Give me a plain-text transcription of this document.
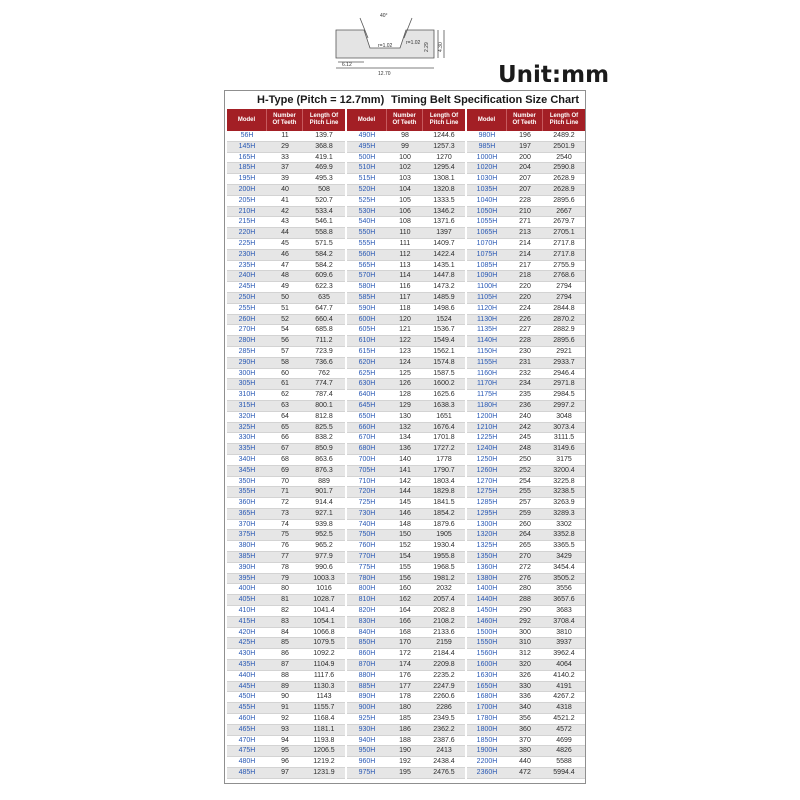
40°
r=1.02	r=1.02 2.29 4.30
6.12
12.70	Unit:mm
H-Type (Pitch = 12.7mm) Timing Belt Specification Size Chart
Model
Number
Of Teeth
Length Of
Pitch Line
56H	11	139.7
145H	29	368.8
165H	33	419.1
185H	37	469.9
195H	39	495.3
200H	40	508
205H	41	520.7
210H	42	533.4
215H	43	546.1
220H	44	558.8
225H	45	571.5
230H	46	584.2
235H	47	584.2
240H	48	609.6
245H	49	622.3
250H	50	635
255H	51	647.7
260H	52	660.4
270H	54	685.8
280H	56	711.2
285H	57	723.9
290H	58	736.6
300H	60	762
305H	61	774.7
310H	62	787.4
315H	63	800.1
320H	64	812.8
325H	65	825.5
330H	66	838.2
335H	67	850.9
340H	68	863.6
345H	69	876.3
350H	70	889
355H	71	901.7
360H	72	914.4
365H	73	927.1
370H	74	939.8
375H	75	952.5
380H	76	965.2
385H	77	977.9
390H	78	990.6
395H	79	1003.3
400H	80	1016
405H	81	1028.7
410H	82	1041.4
415H	83	1054.1
420H	84	1066.8
425H	85	1079.5
430H	86	1092.2
435H	87	1104.9
440H	88	1117.6
445H	89	1130.3
450H	90	1143
455H	91	1155.7
460H	92	1168.4
465H	93	1181.1
470H	94	1193.8
475H	95	1206.5
480H	96	1219.2
485H	97	1231.9
Model
Number
Of Teeth
Length Of
Pitch Line
490H	98	1244.6
495H	99	1257.3
500H	100	1270
510H	102	1295.4
515H	103	1308.1
520H	104	1320.8
525H	105	1333.5
530H	106	1346.2
540H	108	1371.6
550H	110	1397
555H	111	1409.7
560H	112	1422.4
565H	113	1435.1
570H	114	1447.8
580H	116	1473.2
585H	117	1485.9
590H	118	1498.6
600H	120	1524
605H	121	1536.7
610H	122	1549.4
615H	123	1562.1
620H	124	1574.8
625H	125	1587.5
630H	126	1600.2
640H	128	1625.6
645H	129	1638.3
650H	130	1651
660H	132	1676.4
670H	134	1701.8
680H	136	1727.2
700H	140	1778
705H	141	1790.7
710H	142	1803.4
720H	144	1829.8
725H	145	1841.5
730H	146	1854.2
740H	148	1879.6
750H	150	1905
760H	152	1930.4
770H	154	1955.8
775H	155	1968.5
780H	156	1981.2
800H	160	2032
810H	162	2057.4
820H	164	2082.8
830H	166	2108.2
840H	168	2133.6
850H	170	2159
860H	172	2184.4
870H	174	2209.8
880H	176	2235.2
885H	177	2247.9
890H	178	2260.6
900H	180	2286
925H	185	2349.5
930H	186	2362.2
940H	188	2387.6
950H	190	2413
960H	192	2438.4
975H	195	2476.5
Model
Number
Of Teeth
Length Of
Pitch Line
980H	196	2489.2
985H	197	2501.9
1000H	200	2540
1020H	204	2590.8
1030H	207	2628.9
1035H	207	2628.9
1040H	228	2895.6
1050H	210	2667
1055H	271	2679.7
1065H	213	2705.1
1070H	214	2717.8
1075H	214	2717.8
1085H	217	2755.9
1090H	218	2768.6
1100H	220	2794
1105H	220	2794
1120H	224	2844.8
1130H	226	2870.2
1135H	227	2882.9
1140H	228	2895.6
1150H	230	2921
1155H	231	2933.7
1160H	232	2946.4
1170H	234	2971.8
1175H	235	2984.5
1180H	236	2997.2
1200H	240	3048
1210H	242	3073.4
1225H	245	3111.5
1240H	248	3149.6
1250H	250	3175
1260H	252	3200.4
1270H	254	3225.8
1275H	255	3238.5
1285H	257	3263.9
1295H	259	3289.3
1300H	260	3302
1320H	264	3352.8
1325H	265	3365.5
1350H	270	3429
1360H	272	3454.4
1380H	276	3505.2
1400H	280	3556
1440H	288	3657.6
1450H	290	3683
1460H	292	3708.4
1500H	300	3810
1550H	310	3937
1560H	312	3962.4
1600H	320	4064
1630H	326	4140.2
1650H	330	4191
1680H	336	4267.2
1700H	340	4318
1780H	356	4521.2
1800H	360	4572
1850H	370	4699
1900H	380	4826
2200H	440	5588
2360H	472	5994.4
